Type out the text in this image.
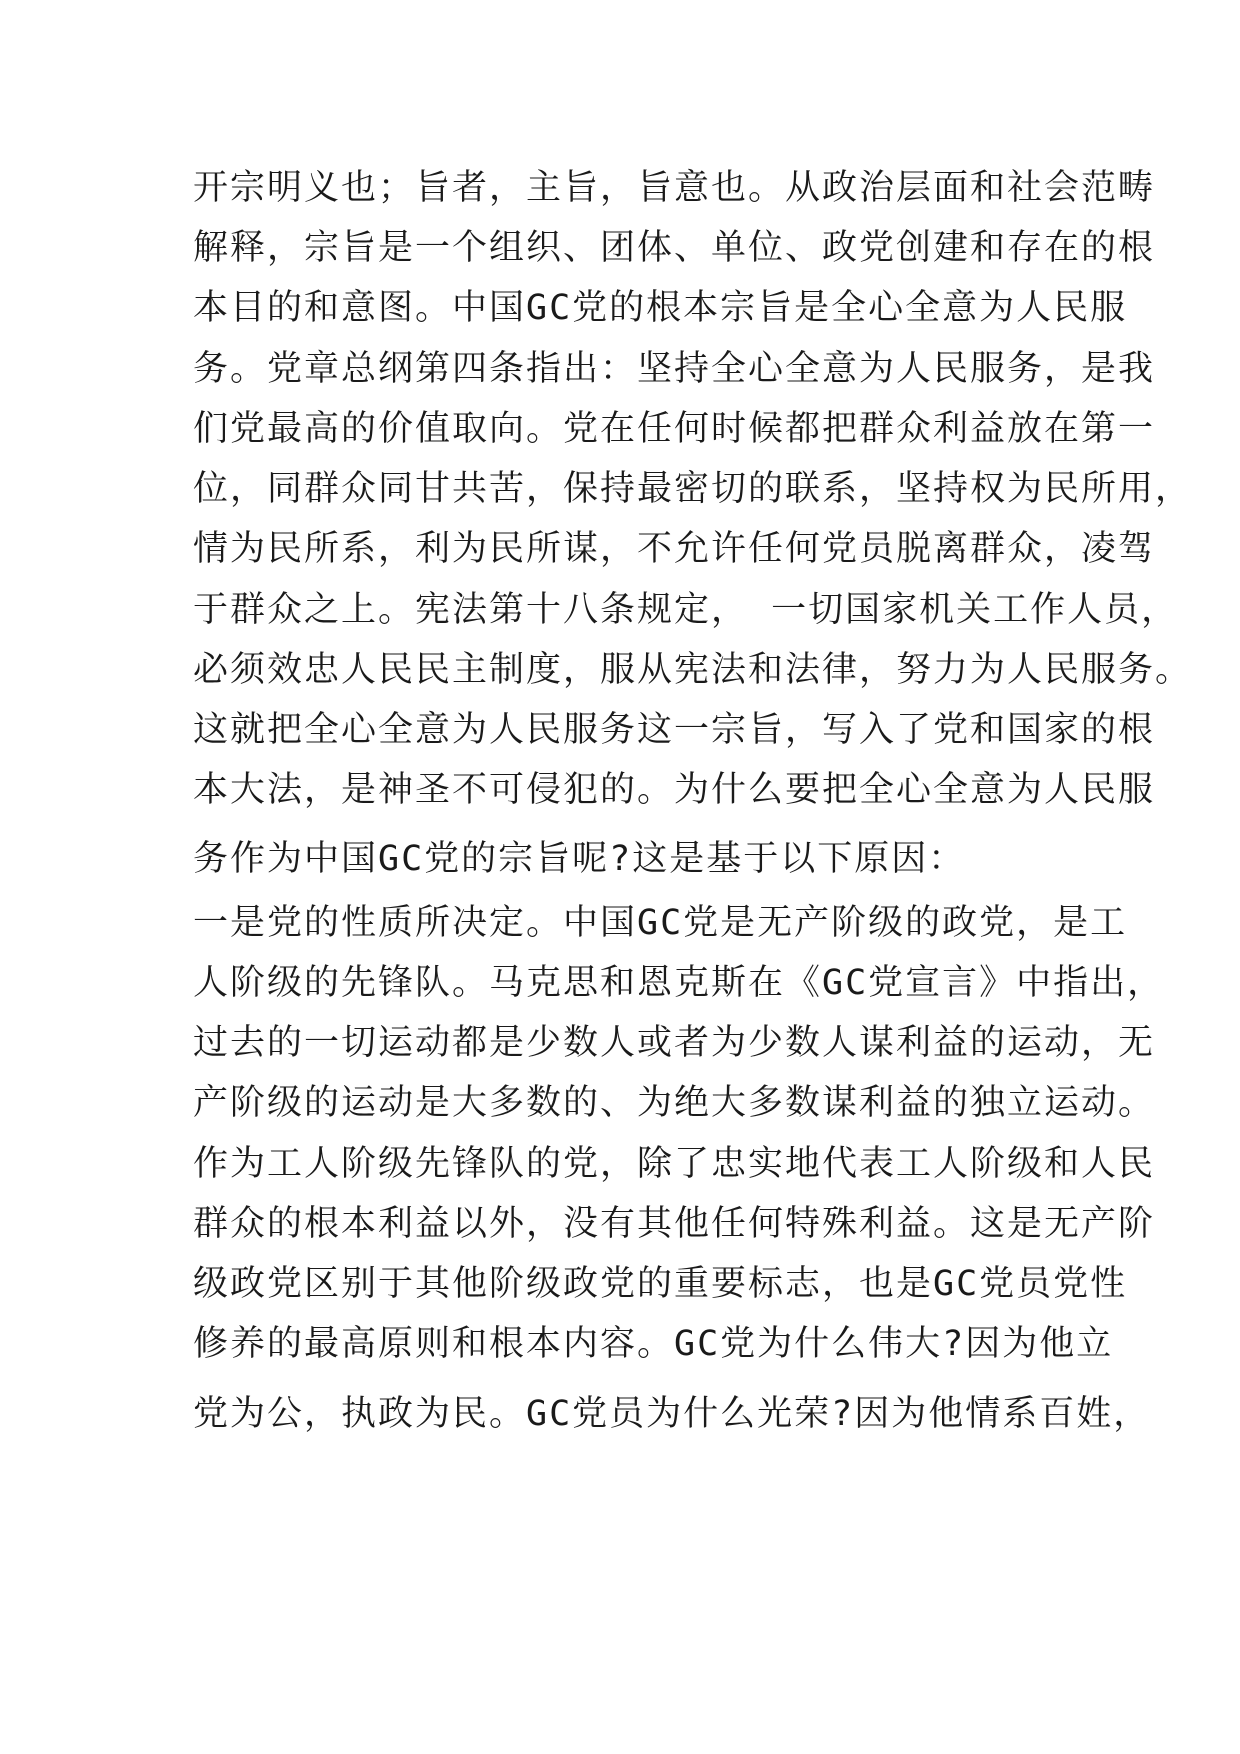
开宗明义也；旨者，主旨，旨意也。从政治层面和社会范畴
解释，宗旨是一个组织、团体、单位、政党创建和存在的根
本目的和意图。中国GC党的根本宗旨是全心全意为人民服
务。党章总纲第四条指出：坚持全心全意为人民服务，是我
们党最高的价值取向。党在任何时候都把群众利益放在第一
位，同群众同甘共苦，保持最密切的联系，坚持权为民所用，
情为民所系，利为民所谋，不允许任何党员脱离群众，凌驾
于群众之上。宪法第十八条规定， 一切国家机关工作人员，
必须效忠人民民主制度，服从宪法和法律，努力为人民服务。
这就把全心全意为人民服务这一宗旨，写入了党和国家的根
本大法，是神圣不可侵犯的。为什么要把全心全意为人民服
务作为中国GC党的宗旨呢?这是基于以下原因：
一是党的性质所决定。中国GC党是无产阶级的政党，是工
人阶级的先锋队。马克思和恩克斯在《GC党宣言》中指出，
过去的一切运动都是少数人或者为少数人谋利益的运动，无
产阶级的运动是大多数的、为绝大多数谋利益的独立运动。
作为工人阶级先锋队的党，除了忠实地代表工人阶级和人民
群众的根本利益以外，没有其他任何特殊利益。这是无产阶
级政党区别于其他阶级政党的重要标志，也是GC党员党性
修养的最高原则和根本内容。GC党为什么伟大?因为他立
党为公，执政为民。GC党员为什么光荣?因为他情系百姓，
